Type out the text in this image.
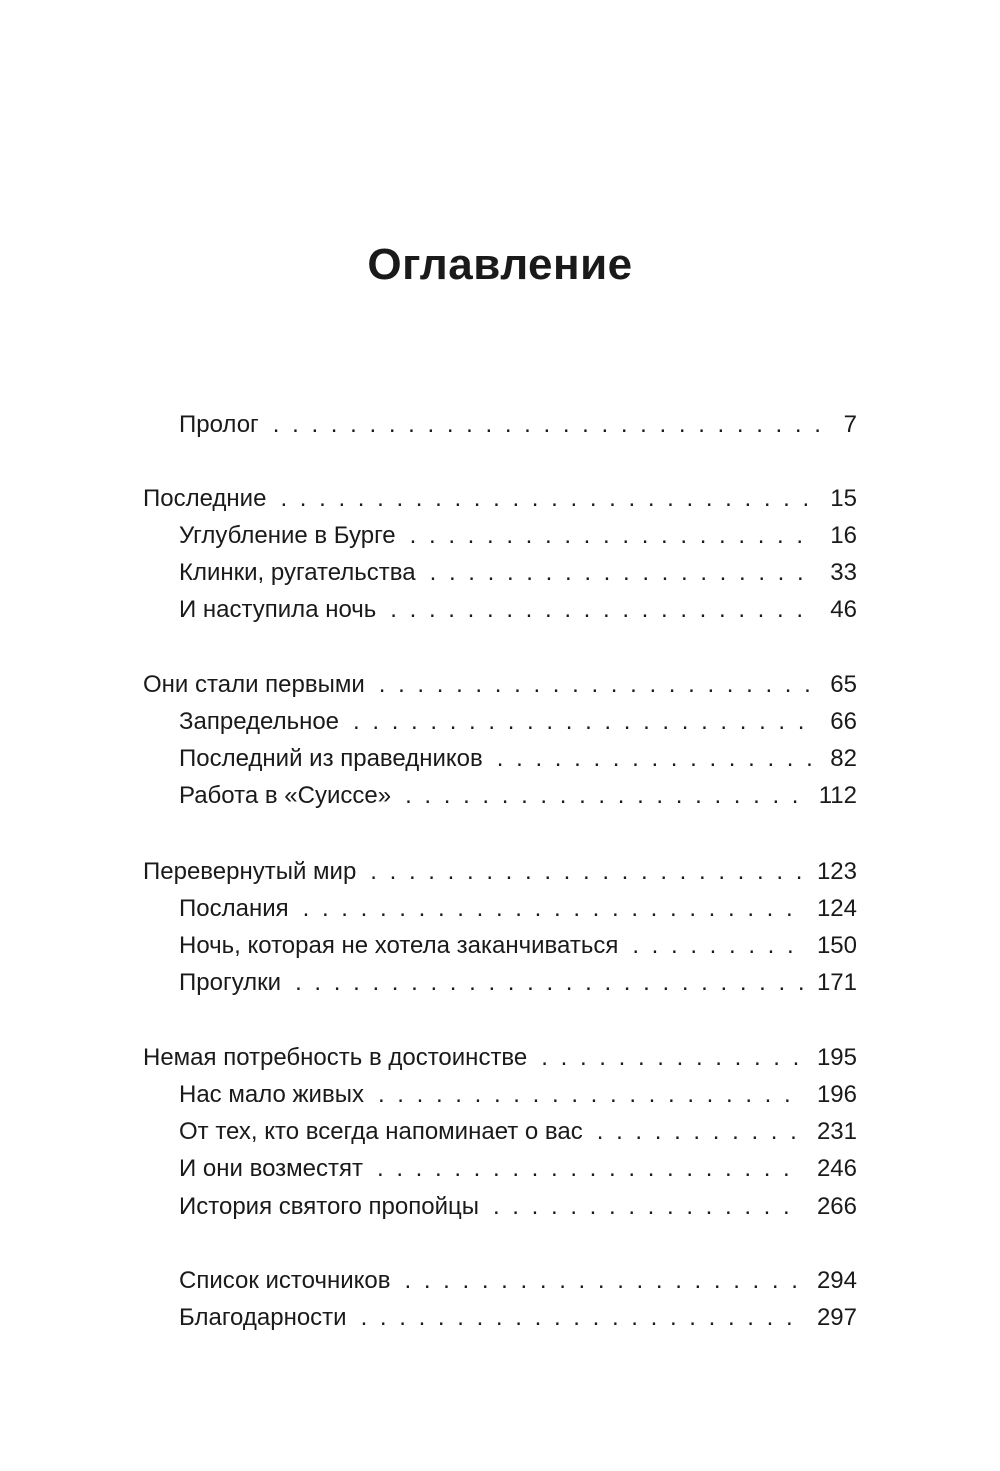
Оглавление
Пролог . . .	7
Последние . . .	15
Углубление в Бурге . . .	16
Клинки, ругательства . . .	33
И наступила ночь . . .	46
Они стали первыми . . .	65
Запредельное . . .	66
Последний из праведников . . .	82
Работа в «Суиссе» . . .	112
Перевернутый мир . . .	123
Послания . . .	124
Ночь, которая не хотела заканчиваться . . .	150
Прогулки . . .	171
Немая потребность в достоинстве . . .	195
Нас мало живых . . .	196
От тех, кто всегда напоминает о вас . . .	231
И они возместят . . .	246
История святого пропойцы . . .	266
Список источников . . .	294
Благодарности . . .	297
